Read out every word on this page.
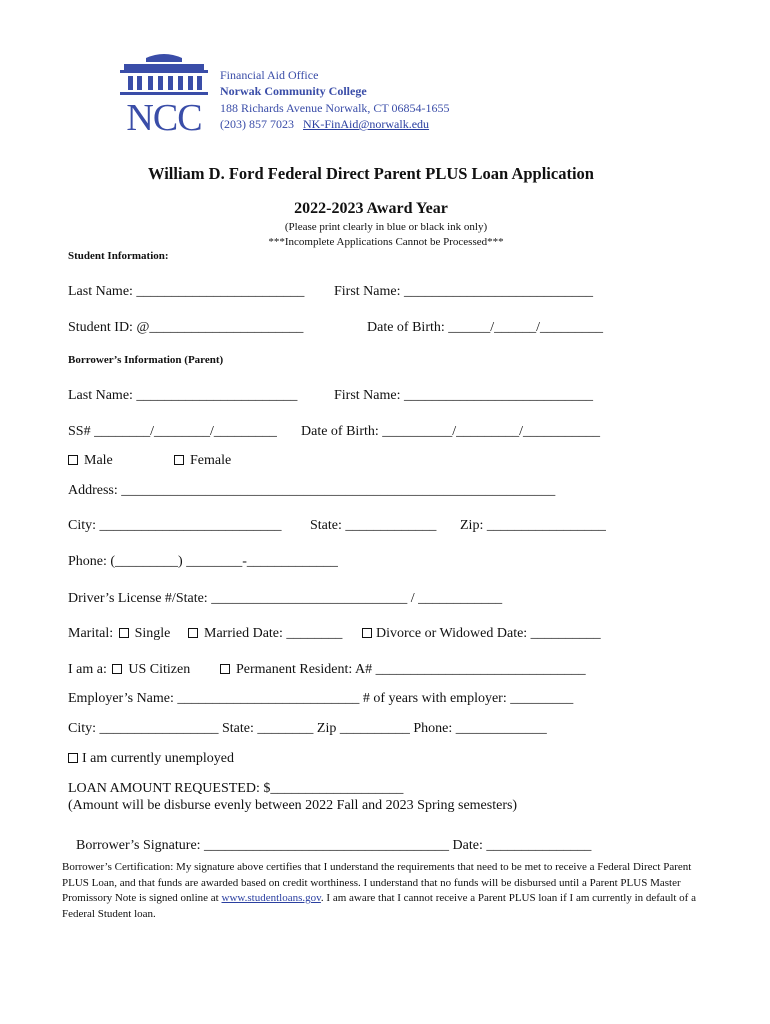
NCC
Financial Aid Office
Norwak Community College
188 Richards Avenue Norwalk, CT 06854-1655
(203) 857 7023 NK-FinAid@norwalk.edu
William D. Ford Federal Direct Parent PLUS Loan Application
2022-2023 Award Year
(Please print clearly in blue or black ink only)
***Incomplete Applications Cannot be Processed***
Student Information:
Last Name: ________________________ First Name: ___________________________
Student ID: @______________________	Date of Birth: ______/______/_________
Borrower’s Information (Parent)
Last Name: _______________________	First Name: ___________________________
SS# ________/________/_________ Date of Birth: __________/_________/___________
Male	Female
Address: ______________________________________________________________
City: __________________________ State: _____________ Zip: _________________
Phone: (_________) ________-_____________
Driver’s License #/State: ____________________________ / ____________
Marital: Single	Married Date: ________	Divorce or Widowed Date: __________
I am a: US Citizen	Permanent Resident: A# ______________________________
Employer’s Name: __________________________ # of years with employer: _________
City: _________________ State: ________ Zip __________ Phone: _____________
I am currently unemployed
LOAN AMOUNT REQUESTED: $___________________
(Amount will be disburse evenly between 2022 Fall and 2023 Spring semesters)
Borrower’s Signature: ___________________________________ Date: _______________
Borrower’s Certification: My signature above certifies that I understand the requirements that need to be met to receive a Federal Direct Parent PLUS Loan, and that funds are awarded based on credit worthiness. I understand that no funds will be disbursed until a Parent PLUS Master Promissory Note is signed online at www.studentloans.gov. I am aware that I cannot receive a Parent PLUS loan if I am currently in default of a Federal Student loan.
